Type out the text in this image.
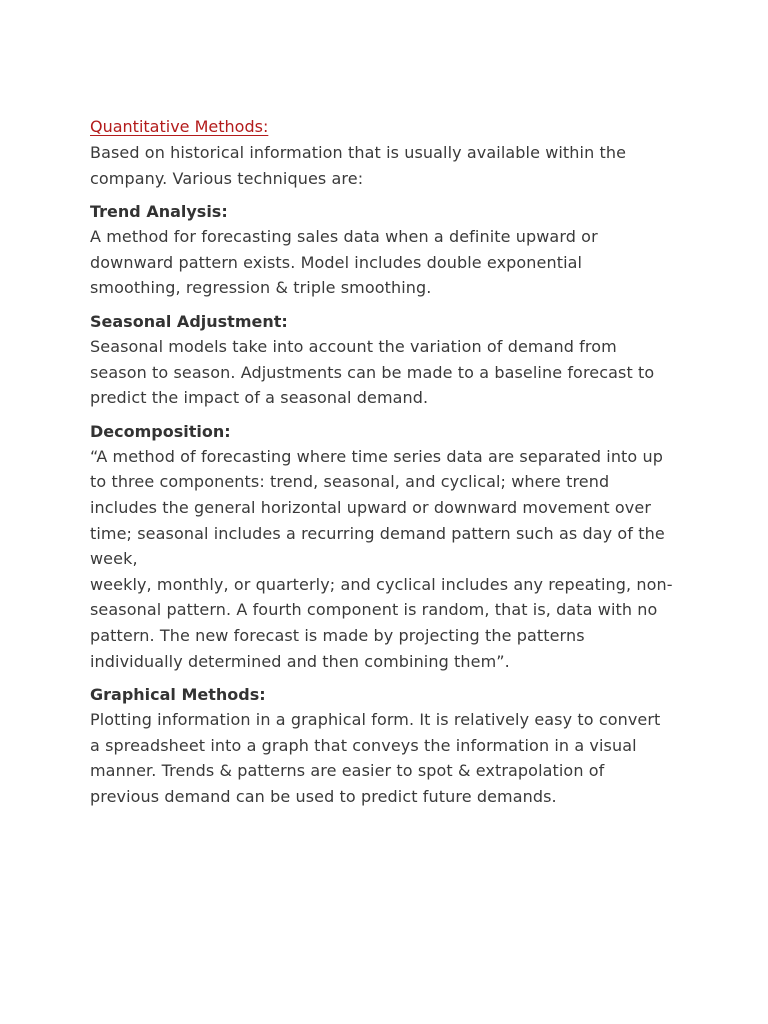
Quantitative Methods:
Based on historical information that is usually available within the
company. Various techniques are:
Trend Analysis:
A method for forecasting sales data when a definite upward or
downward pattern exists. Model includes double exponential
smoothing, regression & triple smoothing.
Seasonal Adjustment:
Seasonal models take into account the variation of demand from
season to season. Adjustments can be made to a baseline forecast to
predict the impact of a seasonal demand.
Decomposition:
“A method of forecasting where time series data are separated into up
to three components: trend, seasonal, and cyclical; where trend
includes the general horizontal upward or downward movement over
time; seasonal includes a recurring demand pattern such as day of the
week,
weekly, monthly, or quarterly; and cyclical includes any repeating, non-
seasonal pattern. A fourth component is random, that is, data with no
pattern. The new forecast is made by projecting the patterns
individually determined and then combining them”.
Graphical Methods:
Plotting information in a graphical form. It is relatively easy to convert
a spreadsheet into a graph that conveys the information in a visual
manner. Trends & patterns are easier to spot & extrapolation of
previous demand can be used to predict future demands.
